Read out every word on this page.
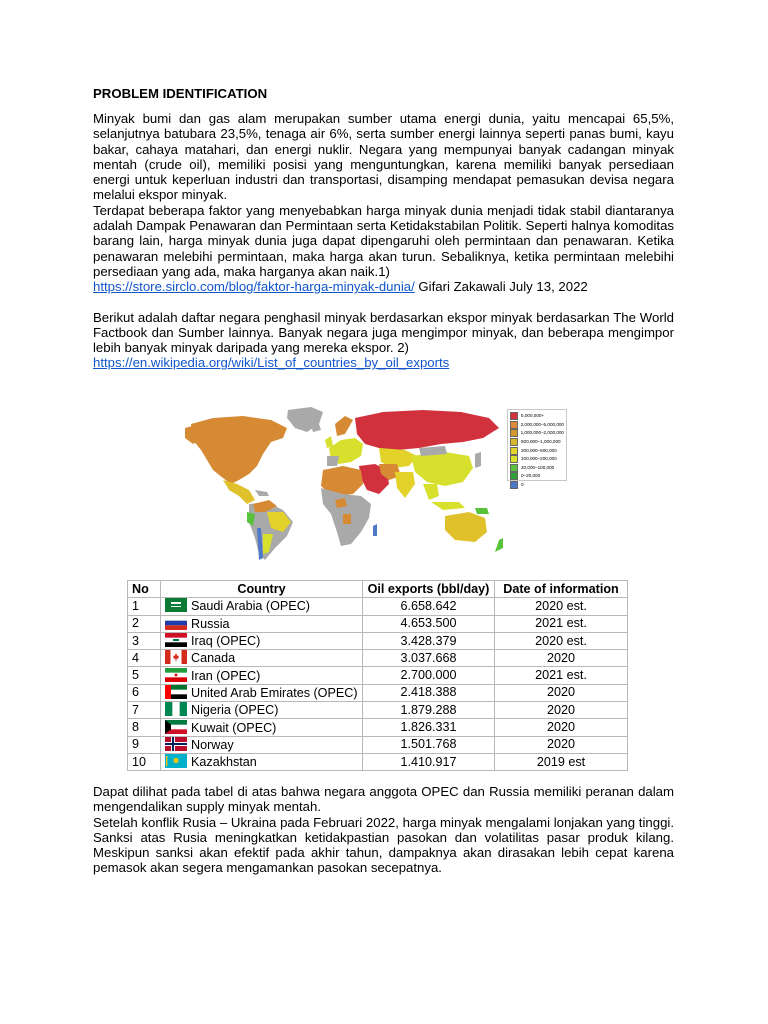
PROBLEM IDENTIFICATION

Minyak bumi dan gas alam merupakan sumber utama energi dunia, yaitu mencapai 65,5%, selanjutnya batubara 23,5%, tenaga air 6%, serta sumber energi lainnya seperti panas bumi, kayu bakar, cahaya matahari, dan energi nuklir. Negara yang mempunyai banyak cadangan minyak mentah (crude oil), memiliki posisi yang menguntungkan, karena memiliki banyak persediaan energi untuk keperluan industri dan transportasi, disamping mendapat pemasukan devisa negara melalui ekspor minyak.

Terdapat beberapa faktor yang menyebabkan harga minyak dunia menjadi tidak stabil diantaranya adalah Dampak Penawaran dan Permintaan serta Ketidakstabilan Politik. Seperti halnya komoditas barang lain, harga minyak dunia juga dapat dipengaruhi oleh permintaan dan penawaran. Ketika penawaran melebihi permintaan, maka harga akan turun. Sebaliknya, ketika permintaan melebihi persediaan yang ada, maka harganya akan naik.1)

https://store.sirclo.com/blog/faktor-harga-minyak-dunia/ Gifari Zakawali July 13, 2022

Berikut adalah daftar negara penghasil minyak berdasarkan ekspor minyak berdasarkan The World Factbook dan Sumber lainnya. Banyak negara juga mengimpor minyak, dan beberapa mengimpor lebih banyak minyak daripada yang mereka ekspor. 2)

https://en.wikipedia.org/wiki/List_of_countries_by_oil_exports

5,000,000+
2,000,000–5,000,000
1,000,000–2,000,000
500,000–1,000,000
200,000–500,000
100,000–200,000
20,000–100,000
0–20,000
0
No	Country	Oil exports (bbl/day)	Date of information
1	Saudi Arabia (OPEC)	6.658.642	2020 est.
2	Russia	4.653.500	2021 est.
3	Iraq (OPEC)	3.428.379	2020 est.
4	Canada	3.037.668	2020
5	Iran (OPEC)	2.700.000	2021 est.
6	United Arab Emirates (OPEC)	2.418.388	2020
7	Nigeria (OPEC)	1.879.288	2020
8	Kuwait (OPEC)	1.826.331	2020
9	Norway	1.501.768	2020
10	Kazakhstan	1.410.917	2019 est

Dapat dilihat pada tabel di atas bahwa negara anggota OPEC dan Russia memiliki peranan dalam mengendalikan supply minyak mentah.

Setelah konflik Rusia – Ukraina pada Februari 2022, harga minyak mengalami lonjakan yang tinggi. Sanksi atas Rusia meningkatkan ketidakpastian pasokan dan volatilitas pasar produk kilang. Meskipun sanksi akan efektif pada akhir tahun, dampaknya akan dirasakan lebih cepat karena pemasok akan segera mengamankan pasokan secepatnya.
